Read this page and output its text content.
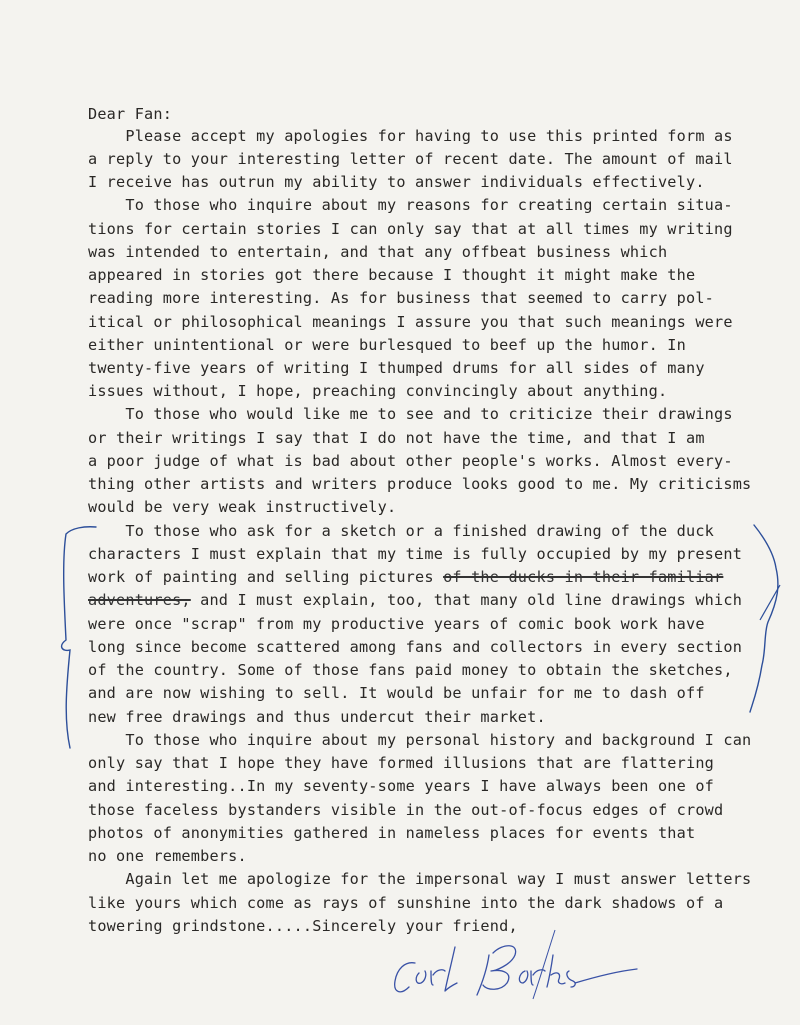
Dear Fan:
Please accept my apologies for having to use this printed form as
a reply to your interesting letter of recent date. The amount of mail
I receive has outrun my ability to answer individuals effectively.
To those who inquire about my reasons for creating certain situa-
tions for certain stories I can only say that at all times my writing
was intended to entertain, and that any offbeat business which
appeared in stories got there because I thought it might make the
reading more interesting. As for business that seemed to carry pol-
itical or philosophical meanings I assure you that such meanings were
either unintentional or were burlesqued to beef up the humor. In
twenty-five years of writing I thumped drums for all sides of many
issues without, I hope, preaching convincingly about anything.
To those who would like me to see and to criticize their drawings
or their writings I say that I do not have the time, and that I am
a poor judge of what is bad about other people's works. Almost every-
thing other artists and writers produce looks good to me. My criticisms
would be very weak instructively.
To those who ask for a sketch or a finished drawing of the duck
characters I must explain that my time is fully occupied by my present
work of painting and selling pictures of the ducks in their familiar
adventures, and I must explain, too, that many old line drawings which
were once "scrap" from my productive years of comic book work have
long since become scattered among fans and collectors in every section
of the country. Some of those fans paid money to obtain the sketches,
and are now wishing to sell. It would be unfair for me to dash off
new free drawings and thus undercut their market.
To those who inquire about my personal history and background I can
only say that I hope they have formed illusions that are flattering
and interesting..In my seventy-some years I have always been one of
those faceless bystanders visible in the out-of-focus edges of crowd
photos of anonymities gathered in nameless places for events that
no one remembers.
Again let me apologize for the impersonal way I must answer letters
like yours which come as rays of sunshine into the dark shadows of a
towering grindstone.....Sincerely your friend,
